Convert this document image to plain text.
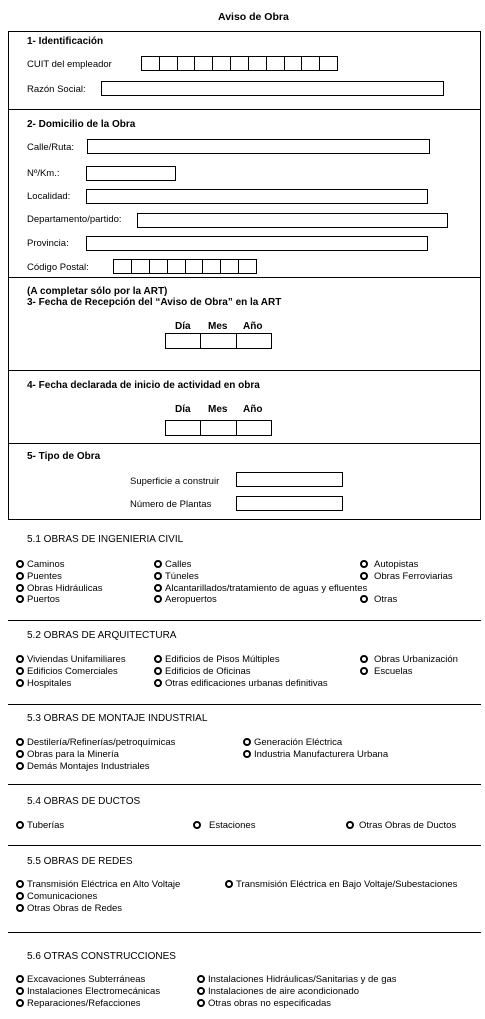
Aviso de Obra
1- Identificación
CUIT del empleador
Razón Social:
2- Domicilio de la Obra
Calle/Ruta:
Nº/Km.:
Localidad:
Departamento/partido:
Provincia:
Código Postal:
(A completar sólo por la ART)
3- Fecha de Recepción del “Aviso de Obra” en la ART
Día Mes Año
4- Fecha declarada de inicio de actividad en obra
Día Mes Año
5- Tipo de Obra
Superficie a construir
Número de Plantas
5.1 OBRAS DE INGENIERIA CIVIL
Caminos	Calles	Autopistas
Puentes	Túneles	Obras Ferroviarias
Obras Hidráulicas	Alcantarillados/tratamiento de aguas y efluentes
Puertos	Aeropuertos	Otras
5.2 OBRAS DE ARQUITECTURA
Viviendas Unifamiliares	Edificios de Pisos Múltiples	Obras Urbanización
Edificios Comerciales	Edificios de Oficinas	Escuelas
Hospitales	Otras edificaciones urbanas definitivas
5.3 OBRAS DE MONTAJE INDUSTRIAL
Destilería/Refinerías/petroquímicas	Generación Eléctrica
Obras para la Minería	Industria Manufacturera Urbana
Demás Montajes Industriales
5.4 OBRAS DE DUCTOS
Tuberías	Estaciones	Otras Obras de Ductos
5.5 OBRAS DE REDES
Transmisión Eléctrica en Alto Voltaje	Transmisión Eléctrica en Bajo Voltaje/Subestaciones
Comunicaciones
Otras Obras de Redes
5.6 OTRAS CONSTRUCCIONES
Excavaciones Subterráneas	Instalaciones Hidráulicas/Sanitarias y de gas
Instalaciones Electromecánicas	Instalaciones de aire acondicionado
Reparaciones/Refacciones	Otras obras no especificadas
